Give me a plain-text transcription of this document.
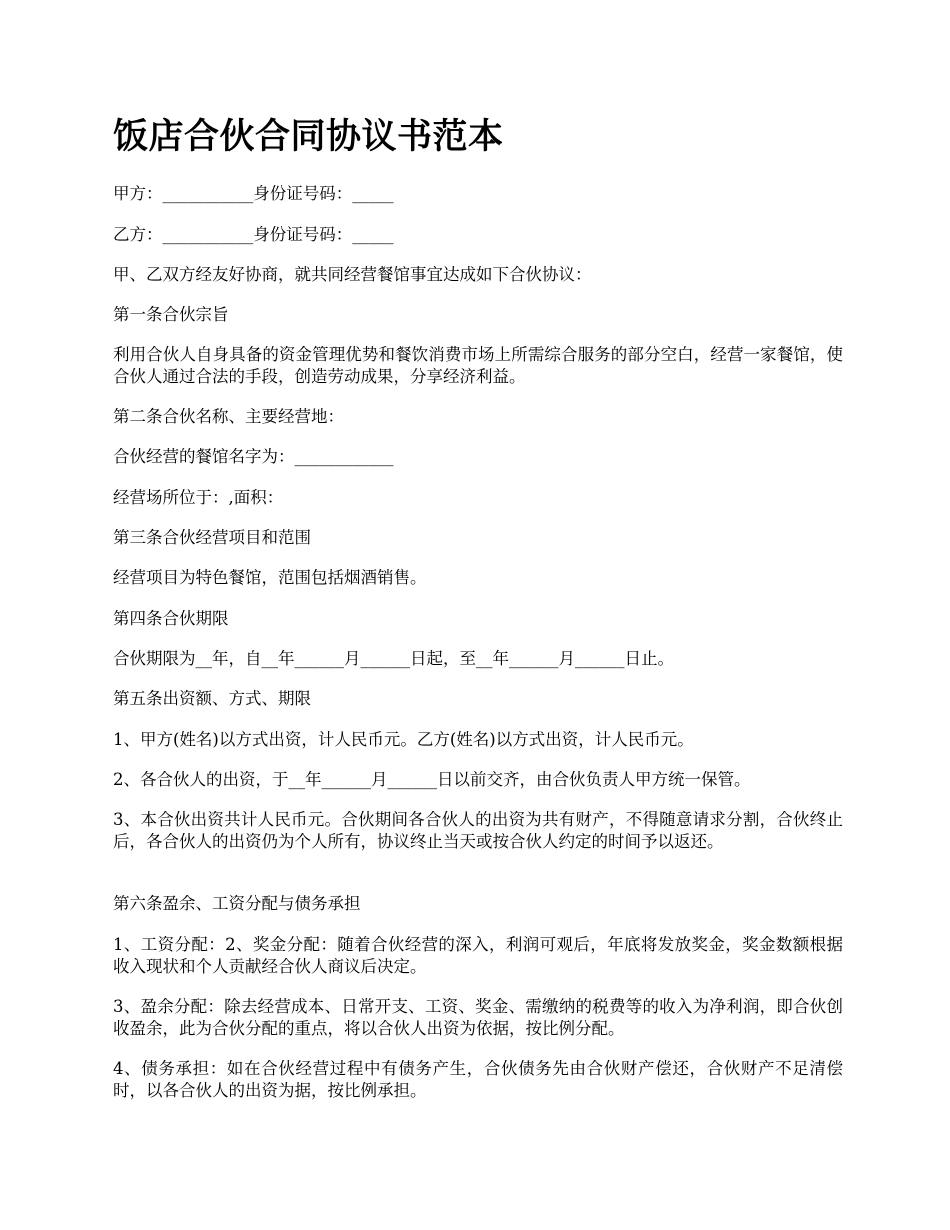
饭店合伙合同协议书范本

甲方：___________身份证号码：_____

乙方：___________身份证号码：_____

甲、乙双方经友好协商，就共同经营餐馆事宜达成如下合伙协议：

第一条合伙宗旨

利用合伙人自身具备的资金管理优势和餐饮消费市场上所需综合服务的部分空白，经营一家餐馆，使合伙人通过合法的手段，创造劳动成果，分享经济利益。

第二条合伙名称、主要经营地：

合伙经营的餐馆名字为：____________

经营场所位于：,面积：

第三条合伙经营项目和范围

经营项目为特色餐馆，范围包括烟酒销售。

第四条合伙期限

合伙期限为__年，自__年______月______日起，至__年______月______日止。

第五条出资额、方式、期限

1、甲方(姓名)以方式出资，计人民币元。乙方(姓名)以方式出资，计人民币元。

2、各合伙人的出资，于__年______月______日以前交齐，由合伙负责人甲方统一保管。

3、本合伙出资共计人民币元。合伙期间各合伙人的出资为共有财产，不得随意请求分割，合伙终止后，各合伙人的出资仍为个人所有，协议终止当天或按合伙人约定的时间予以返还。

第六条盈余、工资分配与债务承担

1、工资分配：2、奖金分配：随着合伙经营的深入，利润可观后，年底将发放奖金，奖金数额根据收入现状和个人贡献经合伙人商议后决定。

3、盈余分配：除去经营成本、日常开支、工资、奖金、需缴纳的税费等的收入为净利润，即合伙创收盈余，此为合伙分配的重点，将以合伙人出资为依据，按比例分配。

4、债务承担：如在合伙经营过程中有债务产生，合伙债务先由合伙财产偿还，合伙财产不足清偿时，以各合伙人的出资为据，按比例承担。
